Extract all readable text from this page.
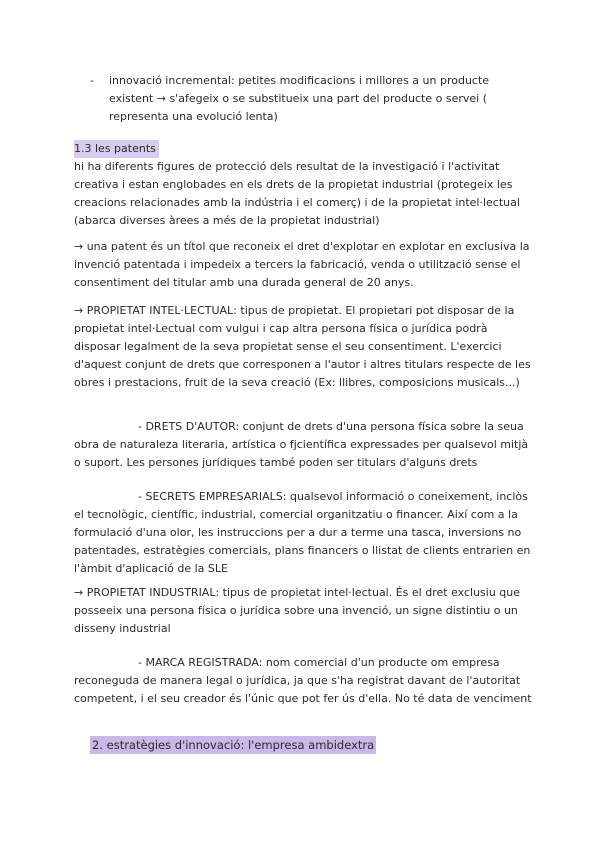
- innovació incremental: petites modificacions i millores a un producte existent → s'afegeix o se substitueix una part del producte o servei ( representa una evolució lenta)

1.3 les patents

hi ha diferents figures de protecció dels resultat de la investigació i l'activitat creativa i estan englobades en els drets de la propietat industrial (protegeix les creacions relacionades amb la indústria i el comerç) i de la propietat intel·lectual (abarca diverses àrees a més de la propietat industrial)

→ una patent és un títol que reconeix el dret d'explotar en explotar en exclusiva la invenció patentada i impedeix a tercers la fabricació, venda o utilització sense el consentiment del titular amb una durada general de 20 anys.

→ PROPIETAT INTEL·LECTUAL: tipus de propietat. El propietari pot disposar de la propietat intel·Lectual com vulgui i cap altra persona física o jurídica podrà disposar legalment de la seva propietat sense el seu consentiment. L'exercici d'aquest conjunt de drets que corresponen a l'autor i altres titulars respecte de les obres i prestacions, fruit de la seva creació (Ex: llibres, composicions musicals...)

- DRETS D'AUTOR: conjunt de drets d'una persona física sobre la seua obra de naturaleza literaria, artística o fjcientífica expressades per qualsevol mitjà o suport. Les persones jurídiques també poden ser titulars d'alguns drets

- SECRETS EMPRESARIALS: qualsevol informació o coneixement, inclòs el tecnològic, científic, industrial, comercial organitzatiu o financer. Així com a la formulació d'una olor, les instruccions per a dur a terme una tasca, inversions no patentades, estratègies comercials, plans financers o llistat de clients entrarien en l'àmbit d'aplicació de la SLE

→ PROPIETAT INDUSTRIAL: tipus de propietat intel·lectual. És el dret exclusiu que posseeix una persona física o jurídica sobre una invenció, un signe distintiu o un disseny industrial

- MARCA REGISTRADA: nom comercial d'un producte om empresa reconeguda de manera legal o jurídica, ja que s'ha registrat davant de l'autoritat competent, i el seu creador és l'únic que pot fer ús d'ella. No té data de venciment

2. estratègies d'innovació: l'empresa ambidextra
